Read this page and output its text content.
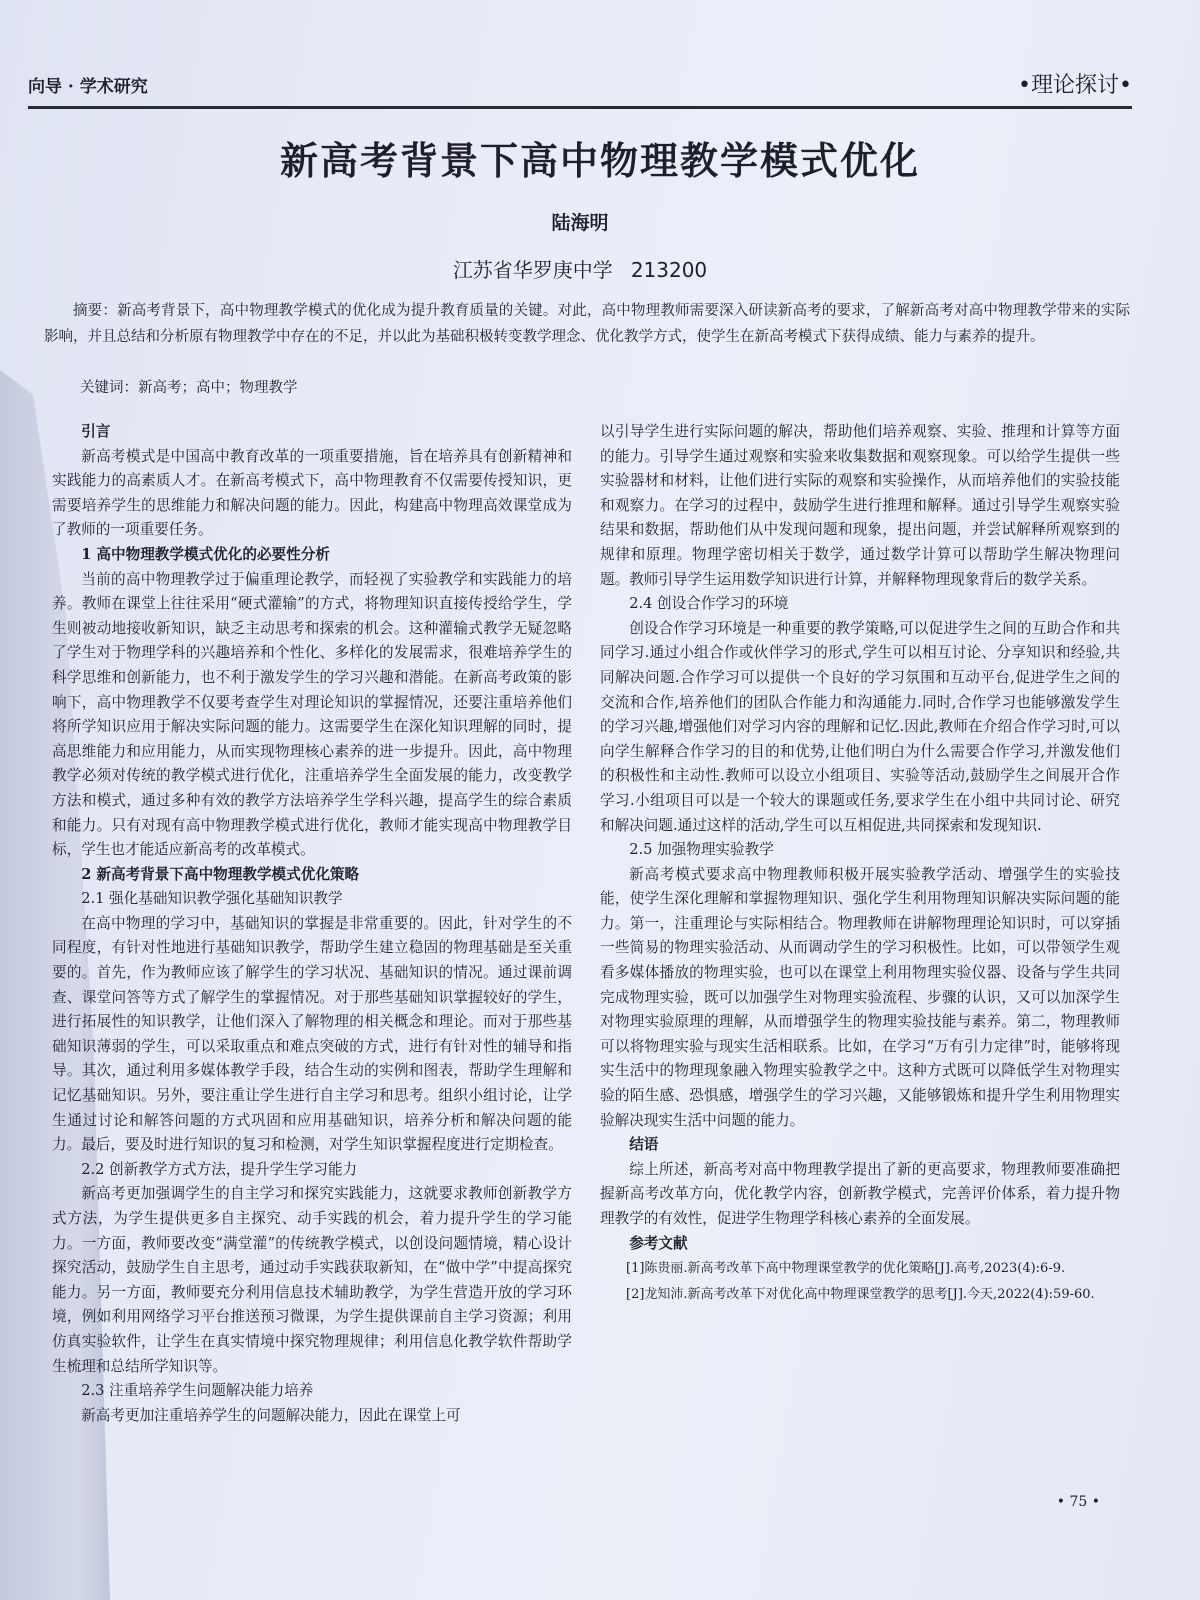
向导 · 学术研究	•理论探讨•
新高考背景下高中物理教学模式优化
陆海明
江苏省华罗庚中学 213200
摘要：新高考背景下，高中物理教学模式的优化成为提升教育质量的关键。对此，高中物理教师需要深入研读新高考的要求，了解新高考对高中物理教学带来的实际影响，并且总结和分析原有物理教学中存在的不足，并以此为基础积极转变教学理念、优化教学方式，使学生在新高考模式下获得成绩、能力与素养的提升。
关键词：新高考；高中；物理教学
引言

新高考模式是中国高中教育改革的一项重要措施，旨在培养具有创新精神和实践能力的高素质人才。在新高考模式下，高中物理教育不仅需要传授知识，更需要培养学生的思维能力和解决问题的能力。因此，构建高中物理高效课堂成为了教师的一项重要任务。

1 高中物理教学模式优化的必要性分析

当前的高中物理教学过于偏重理论教学，而轻视了实验教学和实践能力的培养。教师在课堂上往往采用“硬式灌输”的方式，将物理知识直接传授给学生，学生则被动地接收新知识，缺乏主动思考和探索的机会。这种灌输式教学无疑忽略了学生对于物理学科的兴趣培养和个性化、多样化的发展需求，很难培养学生的科学思维和创新能力，也不利于激发学生的学习兴趣和潜能。在新高考政策的影响下，高中物理教学不仅要考查学生对理论知识的掌握情况，还要注重培养他们将所学知识应用于解决实际问题的能力。这需要学生在深化知识理解的同时，提高思维能力和应用能力，从而实现物理核心素养的进一步提升。因此，高中物理教学必须对传统的教学模式进行优化，注重培养学生全面发展的能力，改变教学方法和模式，通过多种有效的教学方法培养学生学科兴趣，提高学生的综合素质和能力。只有对现有高中物理教学模式进行优化，教师才能实现高中物理教学目标，学生也才能适应新高考的改革模式。

2 新高考背景下高中物理教学模式优化策略
2.1 强化基础知识教学强化基础知识教学

在高中物理的学习中，基础知识的掌握是非常重要的。因此，针对学生的不同程度，有针对性地进行基础知识教学，帮助学生建立稳固的物理基础是至关重要的。首先，作为教师应该了解学生的学习状况、基础知识的情况。通过课前调查、课堂问答等方式了解学生的掌握情况。对于那些基础知识掌握较好的学生，进行拓展性的知识教学，让他们深入了解物理的相关概念和理论。而对于那些基础知识薄弱的学生，可以采取重点和难点突破的方式，进行有针对性的辅导和指导。其次，通过利用多媒体教学手段，结合生动的实例和图表，帮助学生理解和记忆基础知识。另外，要注重让学生进行自主学习和思考。组织小组讨论，让学生通过讨论和解答问题的方式巩固和应用基础知识，培养分析和解决问题的能力。最后，要及时进行知识的复习和检测，对学生知识掌握程度进行定期检查。

2.2 创新教学方式方法，提升学生学习能力

新高考更加强调学生的自主学习和探究实践能力，这就要求教师创新教学方式方法，为学生提供更多自主探究、动手实践的机会，着力提升学生的学习能力。一方面，教师要改变“满堂灌”的传统教学模式，以创设问题情境，精心设计探究活动，鼓励学生自主思考，通过动手实践获取新知，在“做中学”中提高探究能力。另一方面，教师要充分利用信息技术辅助教学，为学生营造开放的学习环境，例如利用网络学习平台推送预习微课，为学生提供课前自主学习资源；利用仿真实验软件，让学生在真实情境中探究物理规律；利用信息化教学软件帮助学生梳理和总结所学知识等。

2.3 注重培养学生问题解决能力培养

新高考更加注重培养学生的问题解决能力，因此在课堂上可

以引导学生进行实际问题的解决，帮助他们培养观察、实验、推理和计算等方面的能力。引导学生通过观察和实验来收集数据和观察现象。可以给学生提供一些实验器材和材料，让他们进行实际的观察和实验操作，从而培养他们的实验技能和观察力。在学习的过程中，鼓励学生进行推理和解释。通过引导学生观察实验结果和数据，帮助他们从中发现问题和现象，提出问题，并尝试解释所观察到的规律和原理。物理学密切相关于数学，通过数学计算可以帮助学生解决物理问题。教师引导学生运用数学知识进行计算，并解释物理现象背后的数学关系。

2.4 创设合作学习的环境

创设合作学习环境是一种重要的教学策略,可以促进学生之间的互助合作和共同学习.通过小组合作或伙伴学习的形式,学生可以相互讨论、分享知识和经验,共同解决问题.合作学习可以提供一个良好的学习氛围和互动平台,促进学生之间的交流和合作,培养他们的团队合作能力和沟通能力.同时,合作学习也能够激发学生的学习兴趣,增强他们对学习内容的理解和记忆.因此,教师在介绍合作学习时,可以向学生解释合作学习的目的和优势,让他们明白为什么需要合作学习,并激发他们的积极性和主动性.教师可以设立小组项目、实验等活动,鼓励学生之间展开合作学习.小组项目可以是一个较大的课题或任务,要求学生在小组中共同讨论、研究和解决问题.通过这样的活动,学生可以互相促进,共同探索和发现知识.

2.5 加强物理实验教学

新高考模式要求高中物理教师积极开展实验教学活动、增强学生的实验技能，使学生深化理解和掌握物理知识、强化学生利用物理知识解决实际问题的能力。第一，注重理论与实际相结合。物理教师在讲解物理理论知识时，可以穿插一些简易的物理实验活动、从而调动学生的学习积极性。比如，可以带领学生观看多媒体播放的物理实验，也可以在课堂上利用物理实验仪器、设备与学生共同完成物理实验，既可以加强学生对物理实验流程、步骤的认识，又可以加深学生对物理实验原理的理解，从而增强学生的物理实验技能与素养。第二，物理教师可以将物理实验与现实生活相联系。比如，在学习“万有引力定律”时，能够将现实生活中的物理现象融入物理实验教学之中。这种方式既可以降低学生对物理实验的陌生感、恐惧感，增强学生的学习兴趣，又能够锻炼和提升学生利用物理实验解决现实生活中问题的能力。

结语

综上所述，新高考对高中物理教学提出了新的更高要求，物理教师要准确把握新高考改革方向，优化教学内容，创新教学模式，完善评价体系，着力提升物理教学的有效性，促进学生物理学科核心素养的全面发展。

参考文献

[1]陈贵丽.新高考改革下高中物理课堂教学的优化策略[J].高考,2023(4):6-9.

[2]龙知沛.新高考改革下对优化高中物理课堂教学的思考[J].今天,2022(4):59-60.

• 75 •
